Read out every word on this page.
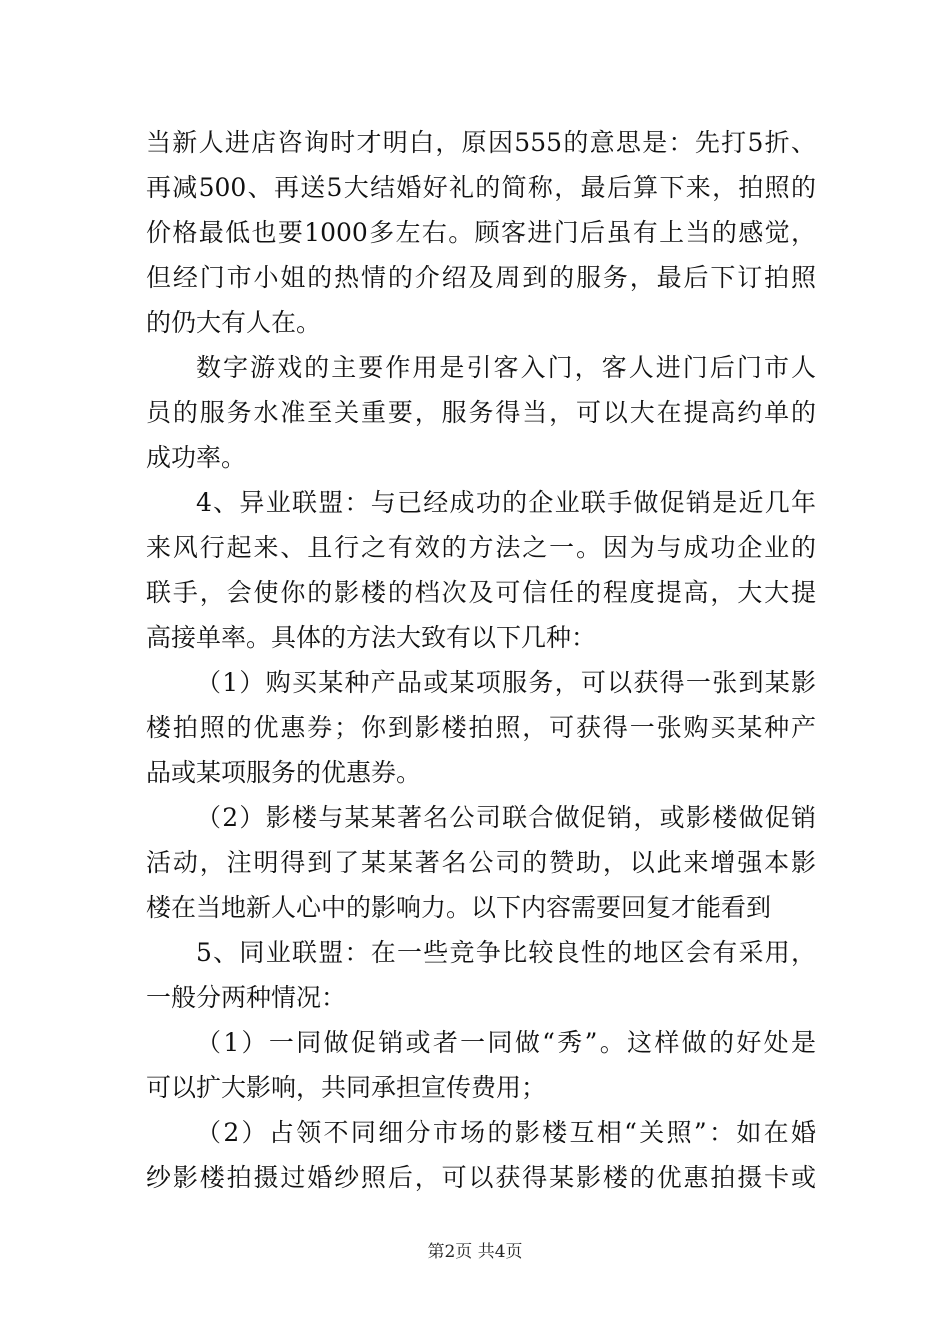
当新人进店咨询时才明白，原因555的意思是：先打5折、
再减500、再送5大结婚好礼的简称，最后算下来，拍照的
价格最低也要1000多左右。顾客进门后虽有上当的感觉，
但经门市小姐的热情的介绍及周到的服务，最后下订拍照
的仍大有人在。
数字游戏的主要作用是引客入门，客人进门后门市人
员的服务水准至关重要，服务得当，可以大在提高约单的
成功率。
4、异业联盟：与已经成功的企业联手做促销是近几年
来风行起来、且行之有效的方法之一。因为与成功企业的
联手，会使你的影楼的档次及可信任的程度提高，大大提
高接单率。具体的方法大致有以下几种：
（1）购买某种产品或某项服务，可以获得一张到某影
楼拍照的优惠券；你到影楼拍照，可获得一张购买某种产
品或某项服务的优惠券。
（2）影楼与某某著名公司联合做促销，或影楼做促销
活动，注明得到了某某著名公司的赞助，以此来增强本影
楼在当地新人心中的影响力。以下内容需要回复才能看到
5、同业联盟：在一些竞争比较良性的地区会有采用，
一般分两种情况：
（1）一同做促销或者一同做“秀”。这样做的好处是
可以扩大影响，共同承担宣传费用；
（2）占领不同细分市场的影楼互相“关照”：如在婚
纱影楼拍摄过婚纱照后，可以获得某影楼的优惠拍摄卡或
第2页 共4页
